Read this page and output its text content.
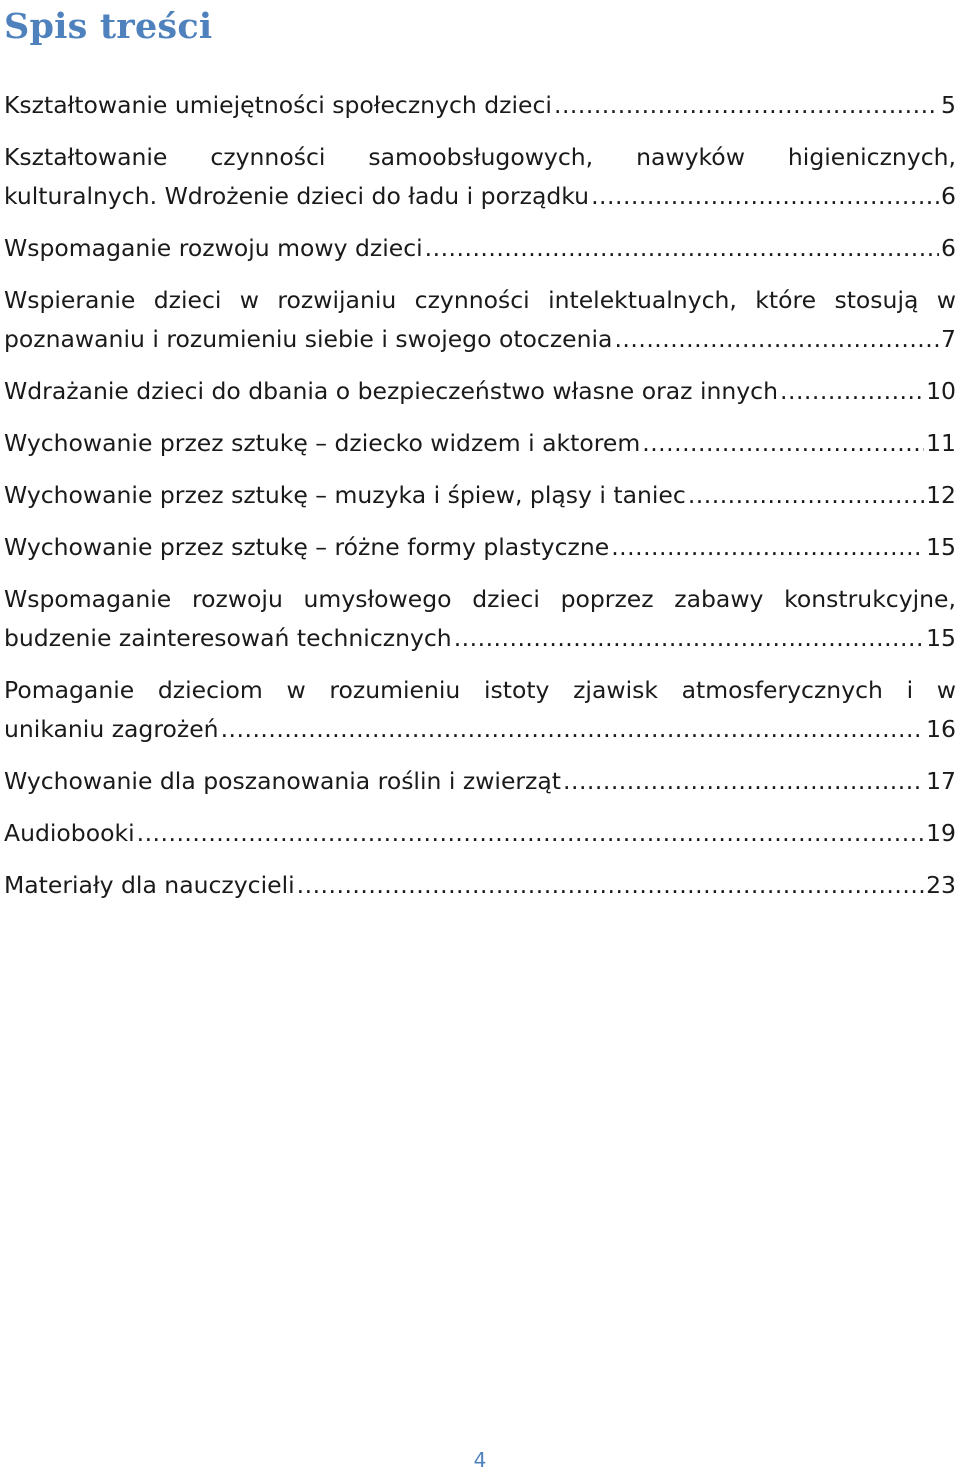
Spis treści
Kształtowanie umiejętności społecznych dzieci .....	5
Kształtowanie czynności samoobsługowych, nawyków higienicznych,
kulturalnych. Wdrożenie dzieci do ładu i porządku .....	6
Wspomaganie rozwoju mowy dzieci .....	6
Wspieranie dzieci w rozwijaniu czynności intelektualnych, które stosują w
poznawaniu i rozumieniu siebie i swojego otoczenia .....	7
Wdrażanie dzieci do dbania o bezpieczeństwo własne oraz innych .....	10
Wychowanie przez sztukę – dziecko widzem i aktorem .....	11
Wychowanie przez sztukę – muzyka i śpiew, pląsy i taniec .....	12
Wychowanie przez sztukę – różne formy plastyczne .....	15
Wspomaganie rozwoju umysłowego dzieci poprzez zabawy konstrukcyjne,
budzenie zainteresowań technicznych .....	15
Pomaganie dzieciom w rozumieniu istoty zjawisk atmosferycznych i w
unikaniu zagrożeń .....	16
Wychowanie dla poszanowania roślin i zwierząt .....	17
Audiobooki .....	19
Materiały dla nauczycieli .....	23
4
